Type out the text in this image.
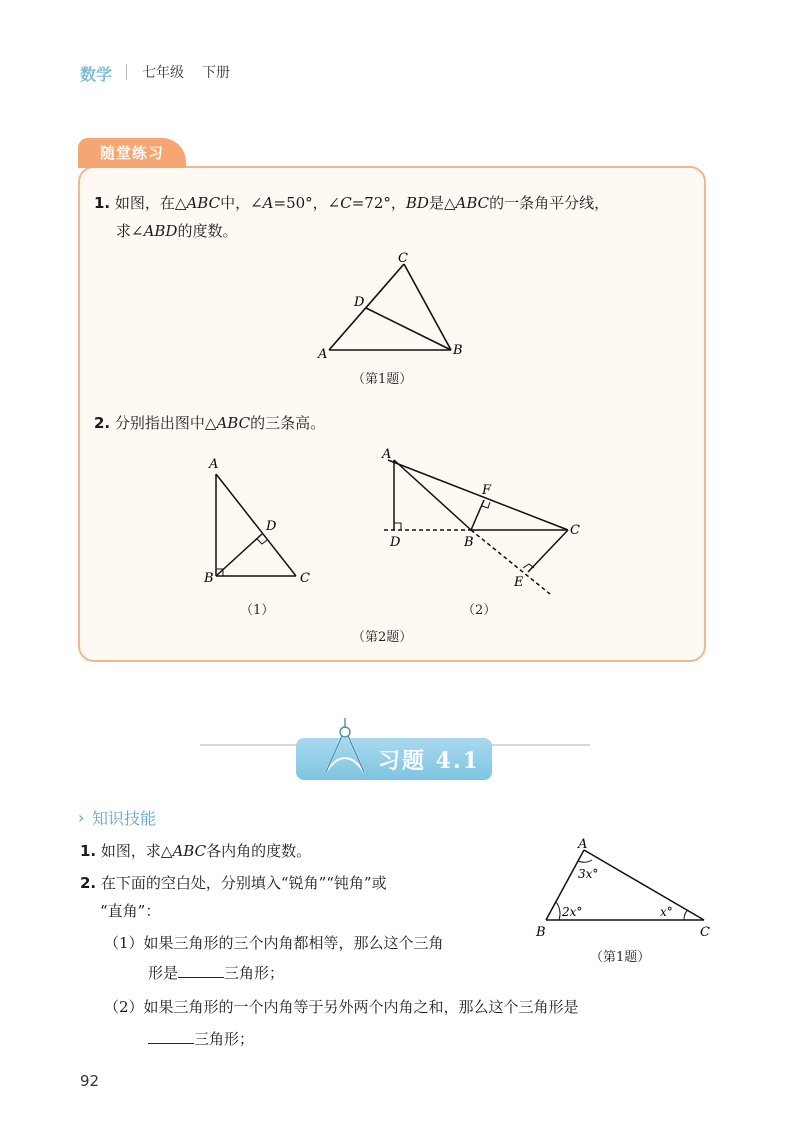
数学 七年级 下册
随堂练习
1. 如图，在△ABC中，∠A=50°，∠C=72°，BD是△ABC的一条角平分线，
求∠ABD的度数。
A	B
C
D
（第1题）
2. 分别指出图中△ABC的三条高。
A
B	C
D
（1）
A
D	B
C
F
E
（2）
（第2题）
习题 4.1
› 知识技能
1. 如图，求△ABC各内角的度数。
2. 在下面的空白处，分别填入“锐角”“钝角”或
“直角”：
（1）如果三角形的三个内角都相等，那么这个三角
形是	三角形；
（2）如果三角形的一个内角等于另外两个内角之和，那么这个三角形是
三角形；
A
B	C
3x°
2x°	x°
（第1题）
92
